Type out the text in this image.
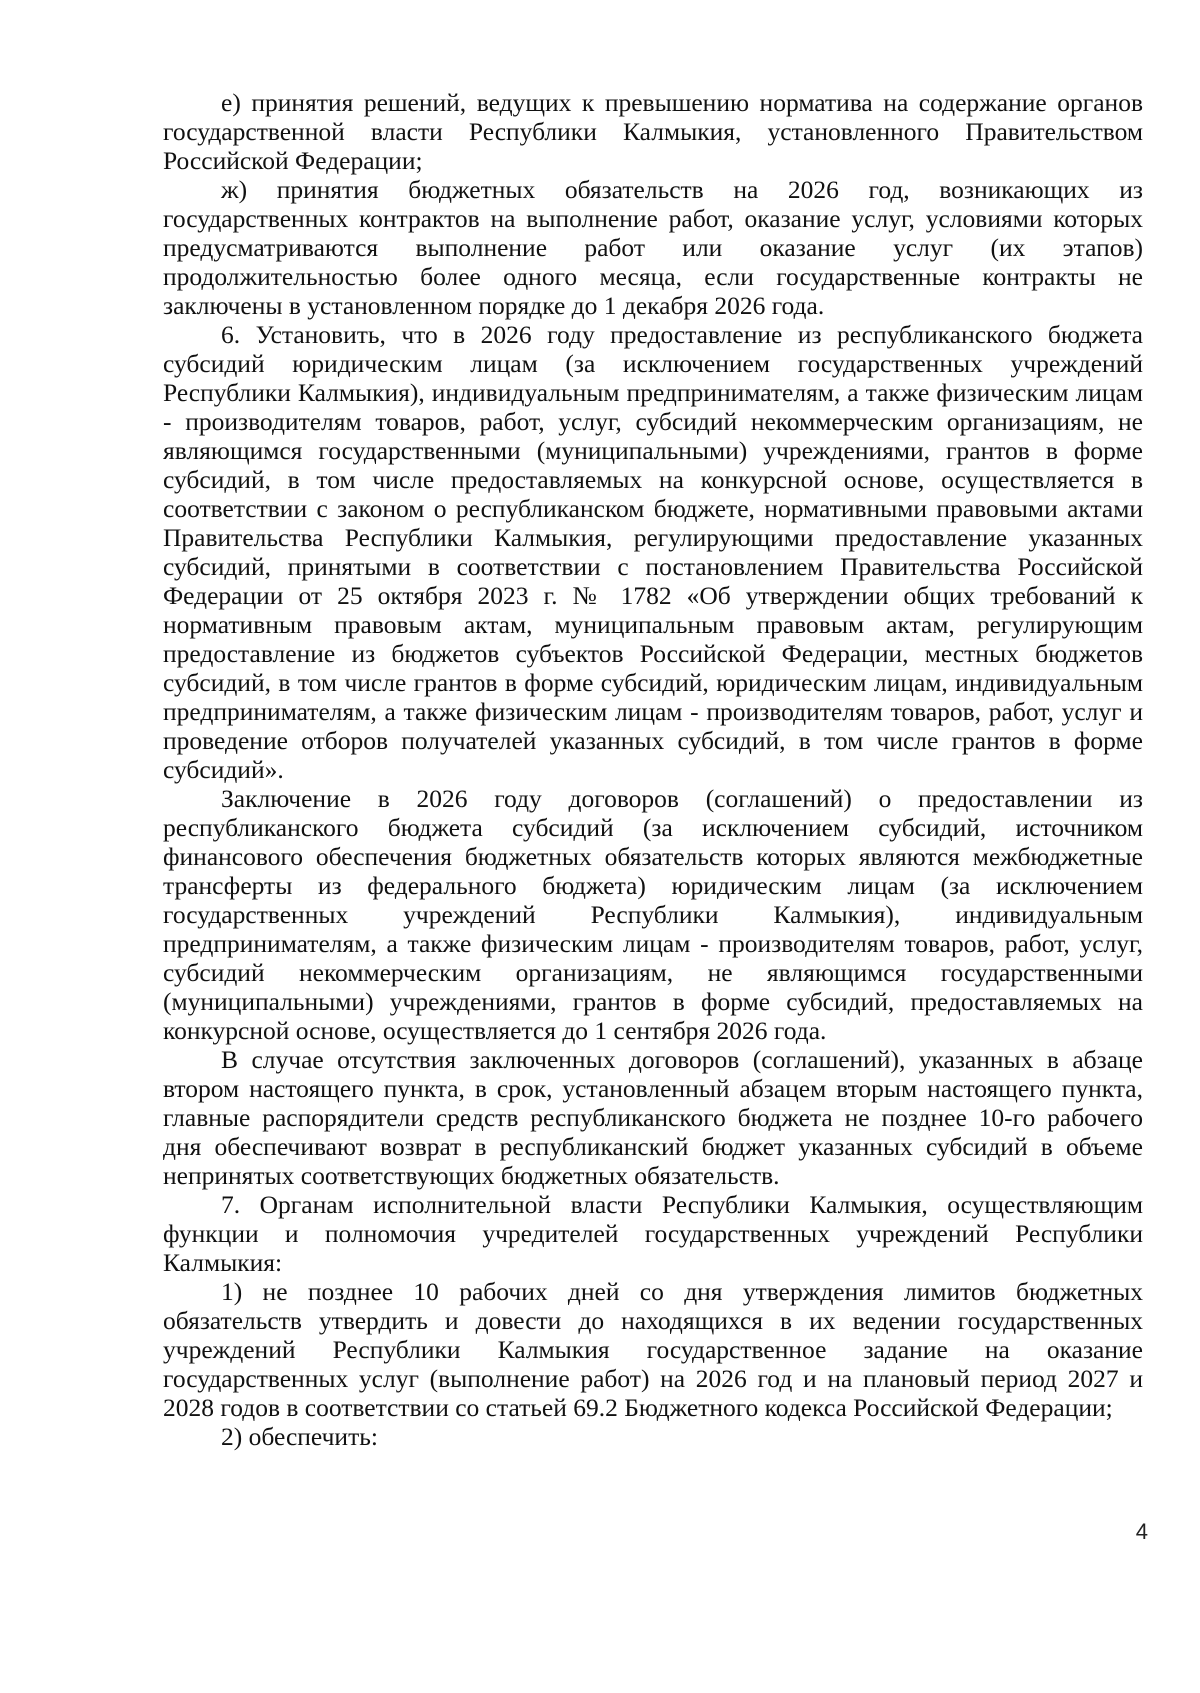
е) принятия решений, ведущих к превышению норматива на содержание органов государственной власти Республики Калмыкия, установленного Правительством Российской Федерации;

ж) принятия бюджетных обязательств на 2026 год, возникающих из государственных контрактов на выполнение работ, оказание услуг, условиями которых предусматриваются выполнение работ или оказание услуг (их этапов) продолжительностью более одного месяца, если государственные контракты не заключены в установленном порядке до 1 декабря 2026 года.

6. Установить, что в 2026 году предоставление из республиканского бюджета субсидий юридическим лицам (за исключением государственных учреждений Республики Калмыкия), индивидуальным предпринимателям, а также физическим лицам - производителям товаров, работ, услуг, субсидий некоммерческим организациям, не являющимся государственными (муниципальными) учреждениями, грантов в форме субсидий, в том числе предоставляемых на конкурсной основе, осуществляется в соответствии с законом о республиканском бюджете, нормативными правовыми актами Правительства Республики Калмыкия, регулирующими предоставление указанных субсидий, принятыми в соответствии с постановлением Правительства Российской Федерации от 25 октября 2023 г. № 1782 «Об утверждении общих требований к нормативным правовым актам, муниципальным правовым актам, регулирующим предоставление из бюджетов субъектов Российской Федерации, местных бюджетов субсидий, в том числе грантов в форме субсидий, юридическим лицам, индивидуальным предпринимателям, а также физическим лицам - производителям товаров, работ, услуг и проведение отборов получателей указанных субсидий, в том числе грантов в форме субсидий».

Заключение в 2026 году договоров (соглашений) о предоставлении из республиканского бюджета субсидий (за исключением субсидий, источником финансового обеспечения бюджетных обязательств которых являются межбюджетные трансферты из федерального бюджета) юридическим лицам (за исключением государственных учреждений Республики Калмыкия), индивидуальным предпринимателям, а также физическим лицам - производителям товаров, работ, услуг, субсидий некоммерческим организациям, не являющимся государственными (муниципальными) учреждениями, грантов в форме субсидий, предоставляемых на конкурсной основе, осуществляется до 1 сентября 2026 года.

В случае отсутствия заключенных договоров (соглашений), указанных в абзаце втором настоящего пункта, в срок, установленный абзацем вторым настоящего пункта, главные распорядители средств республиканского бюджета не позднее 10-го рабочего дня обеспечивают возврат в республиканский бюджет указанных субсидий в объеме непринятых соответствующих бюджетных обязательств.

7. Органам исполнительной власти Республики Калмыкия, осуществляющим функции и полномочия учредителей государственных учреждений Республики Калмыкия:

1) не позднее 10 рабочих дней со дня утверждения лимитов бюджетных обязательств утвердить и довести до находящихся в их ведении государственных учреждений Республики Калмыкия государственное задание на оказание государственных услуг (выполнение работ) на 2026 год и на плановый период 2027 и 2028 годов в соответствии со статьей 69.2 Бюджетного кодекса Российской Федерации;

2) обеспечить:

4
